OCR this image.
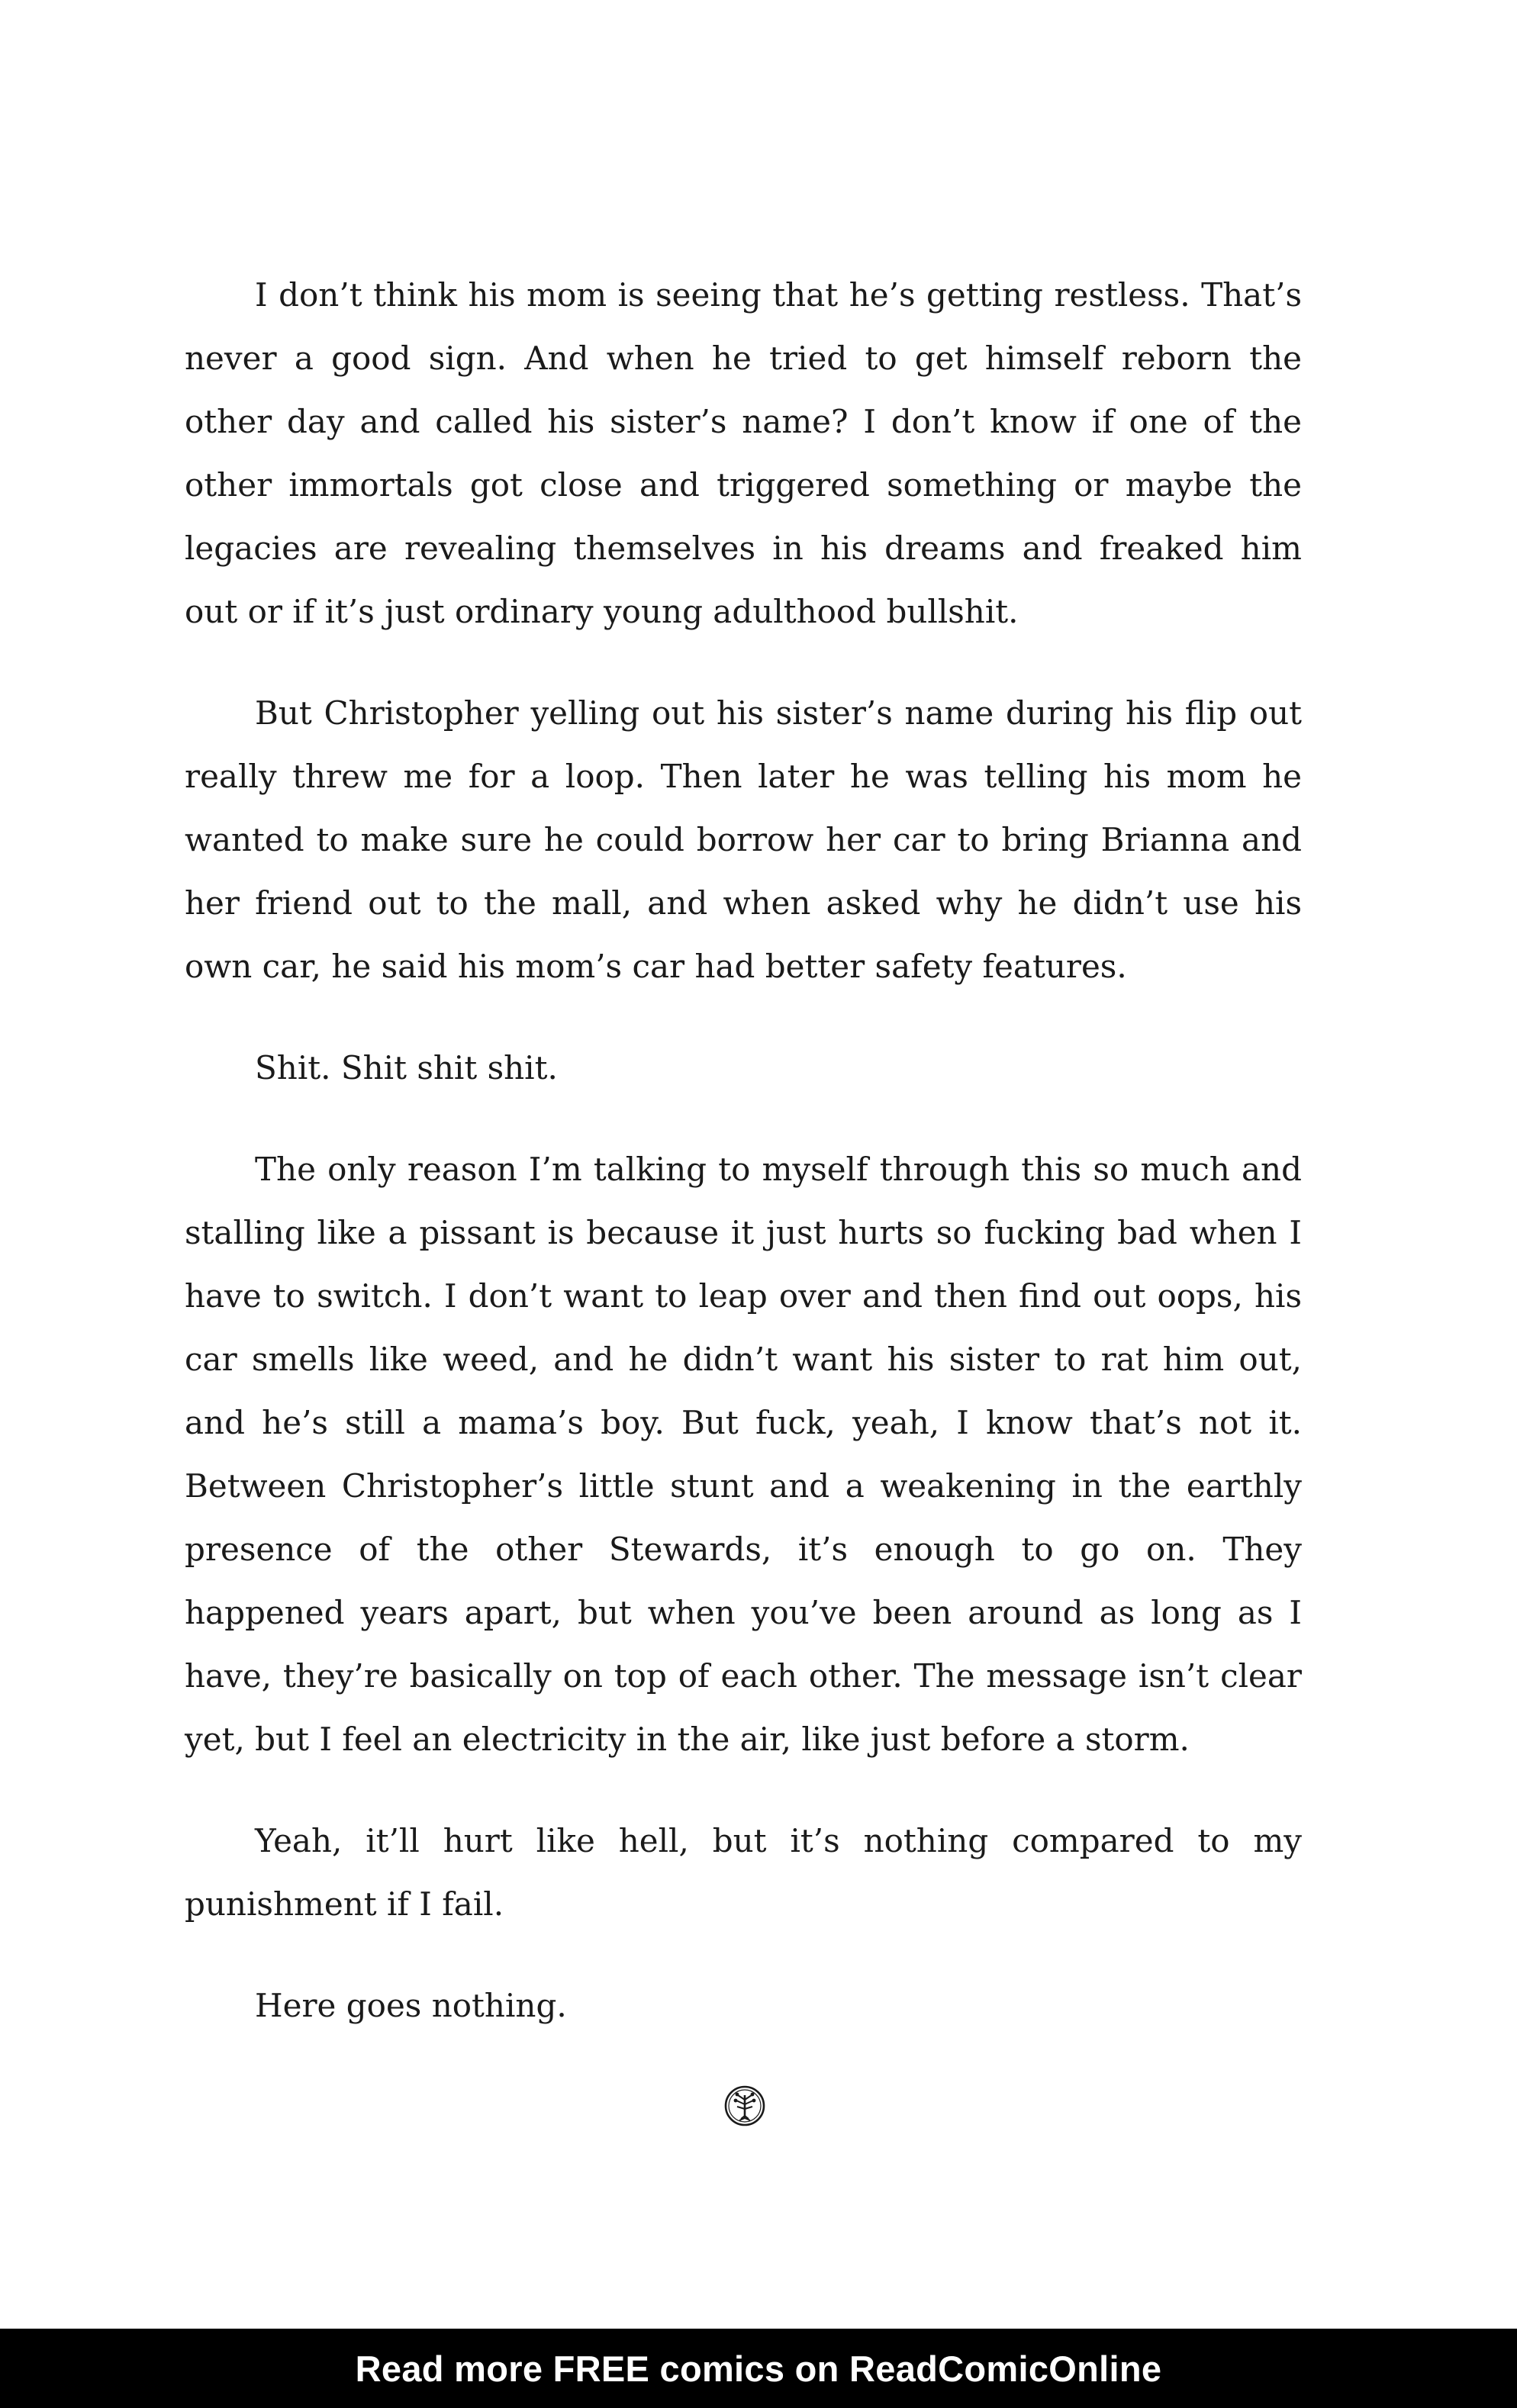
I don’t think his mom is seeing that he’s getting restless. That’s never a good sign. And when he tried to get himself reborn the other day and called his sister’s name? I don’t know if one of the other immortals got close and triggered something or maybe the legacies are revealing themselves in his dreams and freaked him out or if it’s just ordinary young adulthood bullshit.

But Christopher yelling out his sister’s name during his flip out really threw me for a loop. Then later he was telling his mom he wanted to make sure he could borrow her car to bring Brianna and her friend out to the mall, and when asked why he didn’t use his own car, he said his mom’s car had better safety features.

Shit. Shit shit shit.

The only reason I’m talking to myself through this so much and stalling like a pissant is because it just hurts so fucking bad when I have to switch. I don’t want to leap over and then find out oops, his car smells like weed, and he didn’t want his sister to rat him out, and he’s still a mama’s boy. But fuck, yeah, I know that’s not it. Between Christopher’s little stunt and a weakening in the earthly presence of the other Stewards, it’s enough to go on. They happened years apart, but when you’ve been around as long as I have, they’re basically on top of each other. The message isn’t clear yet, but I feel an electricity in the air, like just before a storm.

Yeah, it’ll hurt like hell, but it’s nothing compared to my punishment if I fail.

Here goes nothing.

Read more FREE comics on ReadComicOnline
